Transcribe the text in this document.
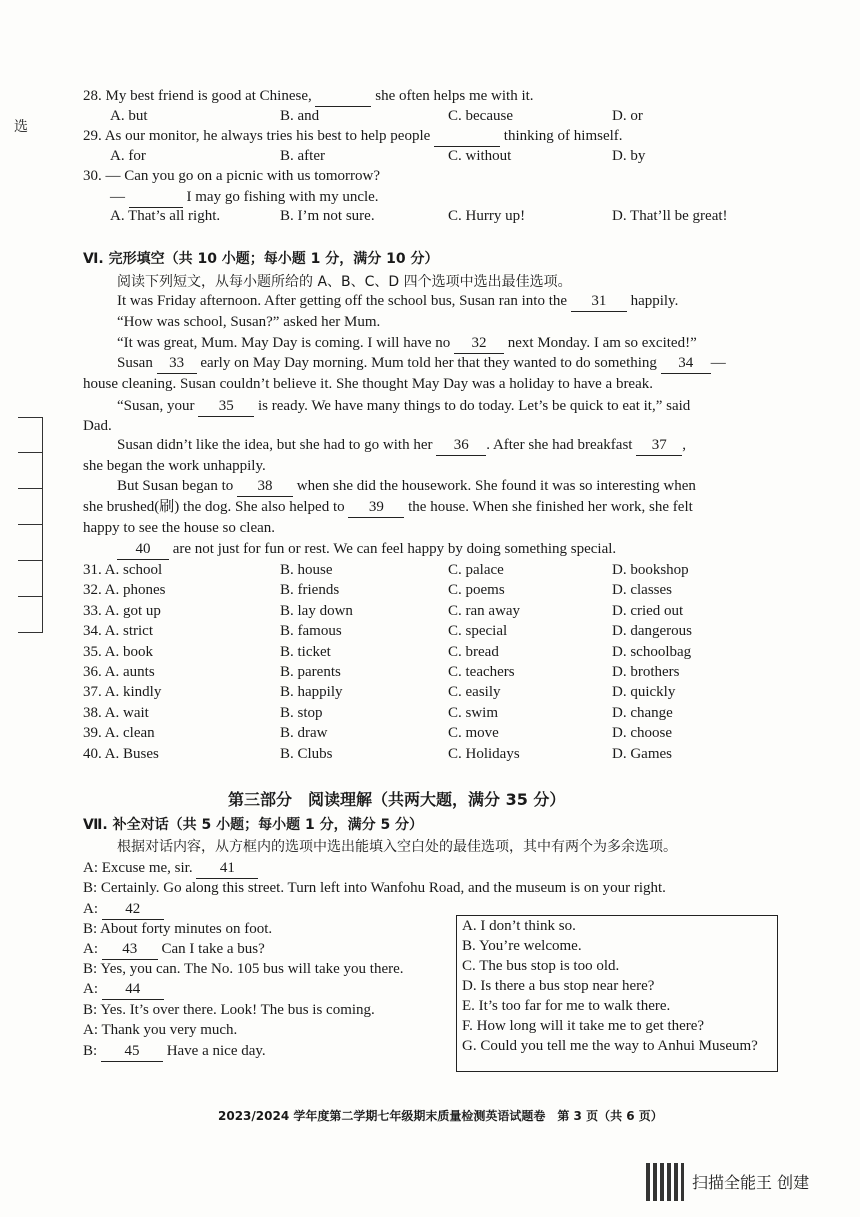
选
28. My best friend is good at Chinese,	she often helps me with it.
A. but	B. and	C. because	D. or
29. As our monitor, he always tries his best to help people	thinking of himself.
A. for	B. after	C. without	D. by
30. — Can you go on a picnic with us tomorrow?
—	I may go fishing with my uncle.
A. That’s all right.	B. I’m not sure.	C. Hurry up!	D. That’ll be great!
Ⅵ. 完形填空（共 10 小题；每小题 1 分，满分 10 分）
阅读下列短文，从每小题所给的 A、B、C、D 四个选项中选出最佳选项。
It was Friday afternoon. After getting off the school bus, Susan ran into the 31 happily.
“How was school, Susan?” asked her Mum.
“It was great, Mum. May Day is coming. I will have no 32 next Monday. I am so excited!”
Susan 33 early on May Day morning. Mum told her that they wanted to do something 34 —
house cleaning. Susan couldn’t believe it. She thought May Day was a holiday to have a break.
“Susan, your 35 is ready. We have many things to do today. Let’s be quick to eat it,” said
Dad.
Susan didn’t like the idea, but she had to go with her 36 . After she had breakfast 37 ,
she began the work unhappily.
But Susan began to 38 when she did the housework. She found it was so interesting when
she brushed(刷) the dog. She also helped to 39 the house. When she finished her work, she felt
happy to see the house so clean.
40 are not just for fun or rest. We can feel happy by doing something special.
31. A. school	B. house	C. palace	D. bookshop
32. A. phones	B. friends	C. poems	D. classes
33. A. got up	B. lay down	C. ran away	D. cried out
34. A. strict	B. famous	C. special	D. dangerous
35. A. book	B. ticket	C. bread	D. schoolbag
36. A. aunts	B. parents	C. teachers	D. brothers
37. A. kindly	B. happily	C. easily	D. quickly
38. A. wait	B. stop	C. swim	D. change
39. A. clean	B. draw	C. move	D. choose
40. A. Buses	B. Clubs	C. Holidays	D. Games
第三部分　阅读理解（共两大题，满分 35 分）
Ⅶ. 补全对话（共 5 小题；每小题 1 分，满分 5 分）
根据对话内容，从方框内的选项中选出能填入空白处的最佳选项，其中有两个为多余选项。
A: Excuse me, sir. 41
B: Certainly. Go along this street. Turn left into Wanfohu Road, and the museum is on your right.
A: 42
B: About forty minutes on foot.
A: 43 Can I take a bus?
B: Yes, you can. The No. 105 bus will take you there.
A: 44
B: Yes. It’s over there. Look! The bus is coming.
A: Thank you very much.
B: 45 Have a nice day.
A. I don’t think so.
B. You’re welcome.
C. The bus stop is too old.
D. Is there a bus stop near here?
E. It’s too far for me to walk there.
F. How long will it take me to get there?
G. Could you tell me the way to Anhui Museum?
2023/2024 学年度第二学期七年级期末质量检测英语试题卷　第 3 页（共 6 页）
扫描全能王 创建
